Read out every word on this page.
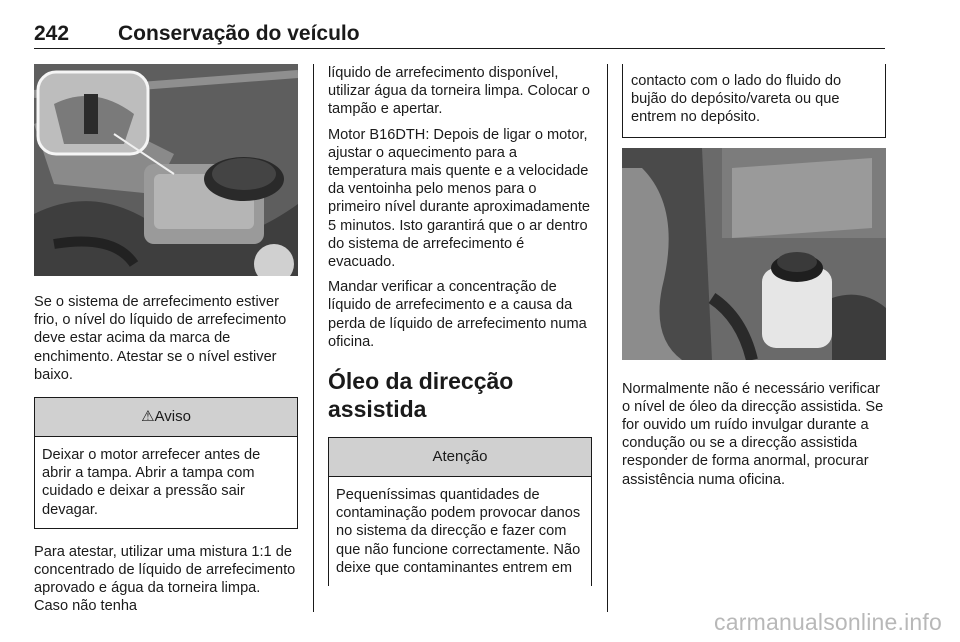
242 Conservação do veículo

Se o sistema de arrefecimento estiver frio, o nível do líquido de arrefecimento deve estar acima da marca de enchimento. Atestar se o nível estiver baixo.

⚠Aviso
Deixar o motor arrefecer antes de abrir a tampa. Abrir a tampa com cuidado e deixar a pressão sair devagar.

Para atestar, utilizar uma mistura 1:1 de concentrado de líquido de arrefecimento aprovado e água da torneira limpa. Caso não tenha

líquido de arrefecimento disponível, utilizar água da torneira limpa. Colocar o tampão e apertar.

Motor B16DTH: Depois de ligar o motor, ajustar o aquecimento para a temperatura mais quente e a velocidade da ventoinha pelo menos para o primeiro nível durante aproximadamente 5 minutos. Isto garantirá que o ar dentro do sistema de arrefecimento é evacuado.

Mandar verificar a concentração de líquido de arrefecimento e a causa da perda de líquido de arrefecimento numa oficina.

Óleo da direcção assistida
Atenção
Pequeníssimas quantidades de contaminação podem provocar danos no sistema da direcção e fazer com que não funcione correctamente. Não deixe que contaminantes entrem em
contacto com o lado do fluido do bujão do depósito/vareta ou que entrem no depósito.

Normalmente não é necessário verificar o nível de óleo da direcção assistida. Se for ouvido um ruído invulgar durante a condução ou se a direcção assistida responder de forma anormal, procurar assistência numa oficina.

carmanualsonline.info
